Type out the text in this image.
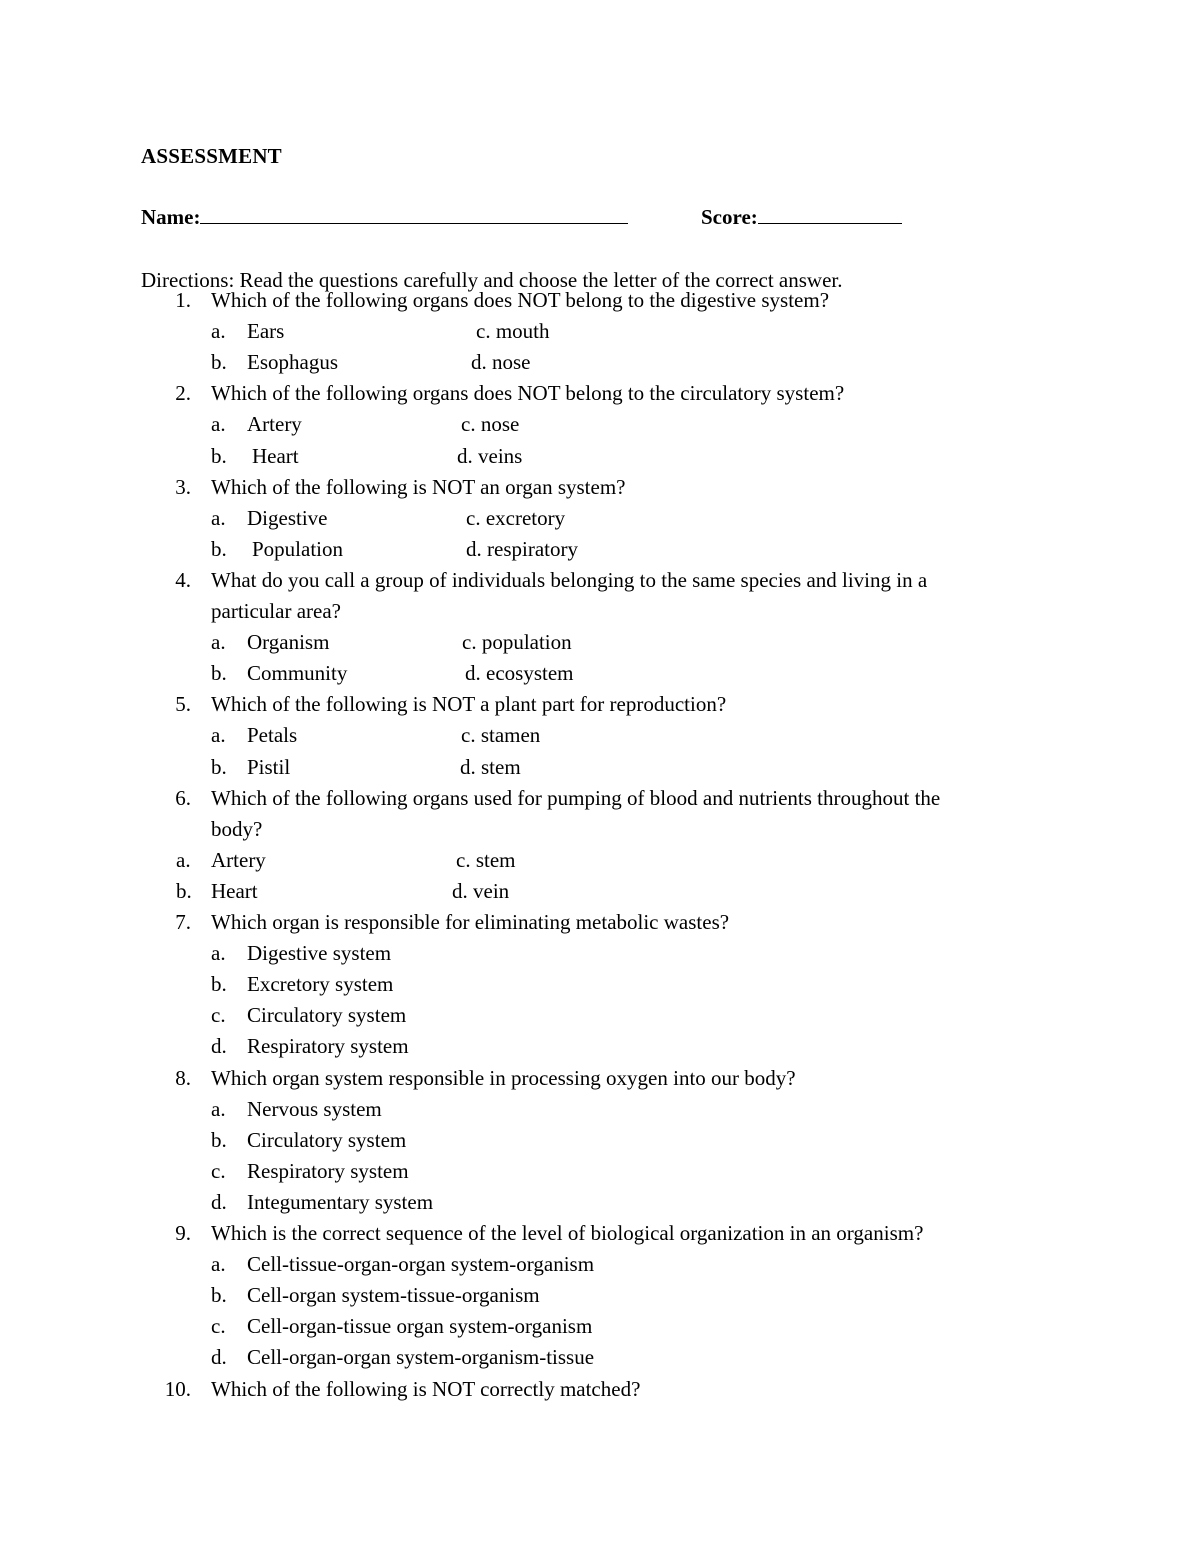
ASSESSMENT
Name:	Score:
Directions: Read the questions carefully and choose the letter of the correct answer.
1. Which of the following organs does NOT belong to the digestive system?
a. Ears	c. mouth
b. Esophagus	d. nose
2. Which of the following organs does NOT belong to the circulatory system?
a. Artery	c. nose
b. Heart	d. veins
3. Which of the following is NOT an organ system?
a. Digestive	c. excretory
b. Population	d. respiratory
4. What do you call a group of individuals belonging to the same species and living in a
particular area?
a. Organism	c. population
b. Community	d. ecosystem
5. Which of the following is NOT a plant part for reproduction?
a. Petals	c. stamen
b. Pistil	d. stem
6. Which of the following organs used for pumping of blood and nutrients throughout the
body?
a. Artery	c. stem
b. Heart	d. vein
7. Which organ is responsible for eliminating metabolic wastes?
a. Digestive system
b. Excretory system
c. Circulatory system
d. Respiratory system
8. Which organ system responsible in processing oxygen into our body?
a. Nervous system
b. Circulatory system
c. Respiratory system
d. Integumentary system
9. Which is the correct sequence of the level of biological organization in an organism?
a. Cell-tissue-organ-organ system-organism
b. Cell-organ system-tissue-organism
c. Cell-organ-tissue organ system-organism
d. Cell-organ-organ system-organism-tissue
10. Which of the following is NOT correctly matched?
